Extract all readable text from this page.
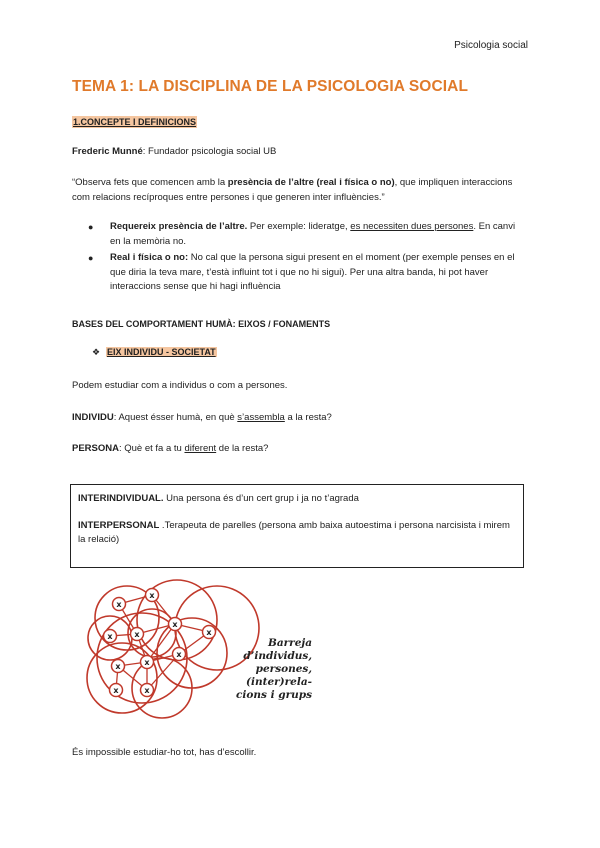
Psicologia social
TEMA 1: LA DISCIPLINA DE LA PSICOLOGIA SOCIAL
1.CONCEPTE I DEFINICIONS
Frederic Munné: Fundador psicologia social UB
“Observa fets que comencen amb la presència de l’altre (real i física o no), que impliquen interaccions com relacions recíproques entre persones i que generen inter influències.”
● Requereix presència de l’altre. Per exemple: lideratge, es necessiten dues persones. En canvi en la memòria no.
● Real i física o no: No cal que la persona sigui present en el moment (per exemple penses en el que diria la teva mare, t’està influint tot i que no hi sigui). Per una altra banda, hi pot haver interaccions sense que hi hagi influència
BASES DEL COMPORTAMENT HUMÀ: EIXOS / FONAMENTS
❖ EIX INDIVIDU - SOCIETAT
Podem estudiar com a individus o com a persones.
INDIVIDU: Aquest ésser humà, en què s’assembla a la resta?
PERSONA: Què et fa a tu diferent de la resta?
INTERINDIVIDUAL. Una persona és d’un cert grup i ja no t’agrada
INTERPERSONAL .Terapeuta de parelles (persona amb baixa autoestima i persona narcisista i mirem la relació)
x
x
x
x
x	x
x
x
x
x	x
Barreja
d’individus,
persones,
(inter)rela-
cions i grups
És impossible estudiar-ho tot, has d’escollir.
